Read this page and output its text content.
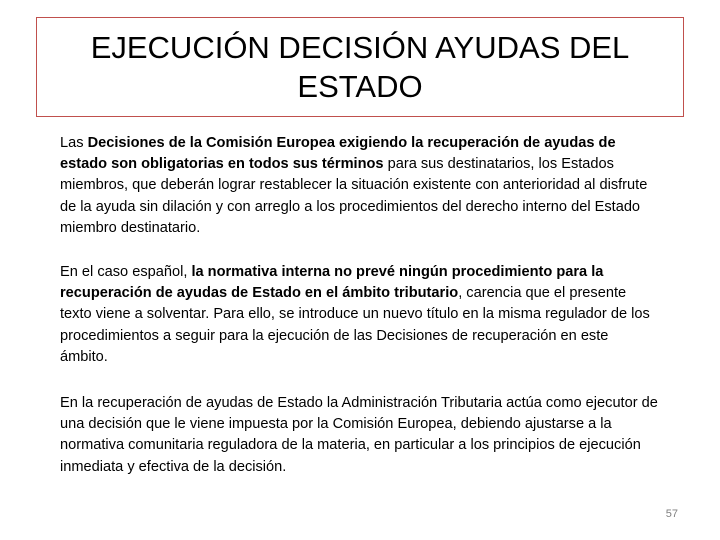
EJECUCIÓN DECISIÓN AYUDAS DEL ESTADO
Las Decisiones de la Comisión Europea exigiendo la recuperación de ayudas de estado son obligatorias en todos sus términos para sus destinatarios, los Estados miembros, que deberán lograr restablecer la situación existente con anterioridad al disfrute de la ayuda sin dilación y con arreglo a los procedimientos del derecho interno del Estado miembro destinatario.
En el caso español, la normativa interna no prevé ningún procedimiento para la recuperación de ayudas de Estado en el ámbito tributario, carencia que el presente texto viene a solventar. Para ello, se introduce un nuevo título en la misma regulador de los procedimientos a seguir para la ejecución de las Decisiones de recuperación en este ámbito.
En la recuperación de ayudas de Estado la Administración Tributaria actúa como ejecutor de una decisión que le viene impuesta por la Comisión Europea, debiendo ajustarse a la normativa comunitaria reguladora de la materia, en particular a los principios de ejecución inmediata y efectiva de la decisión.
57
